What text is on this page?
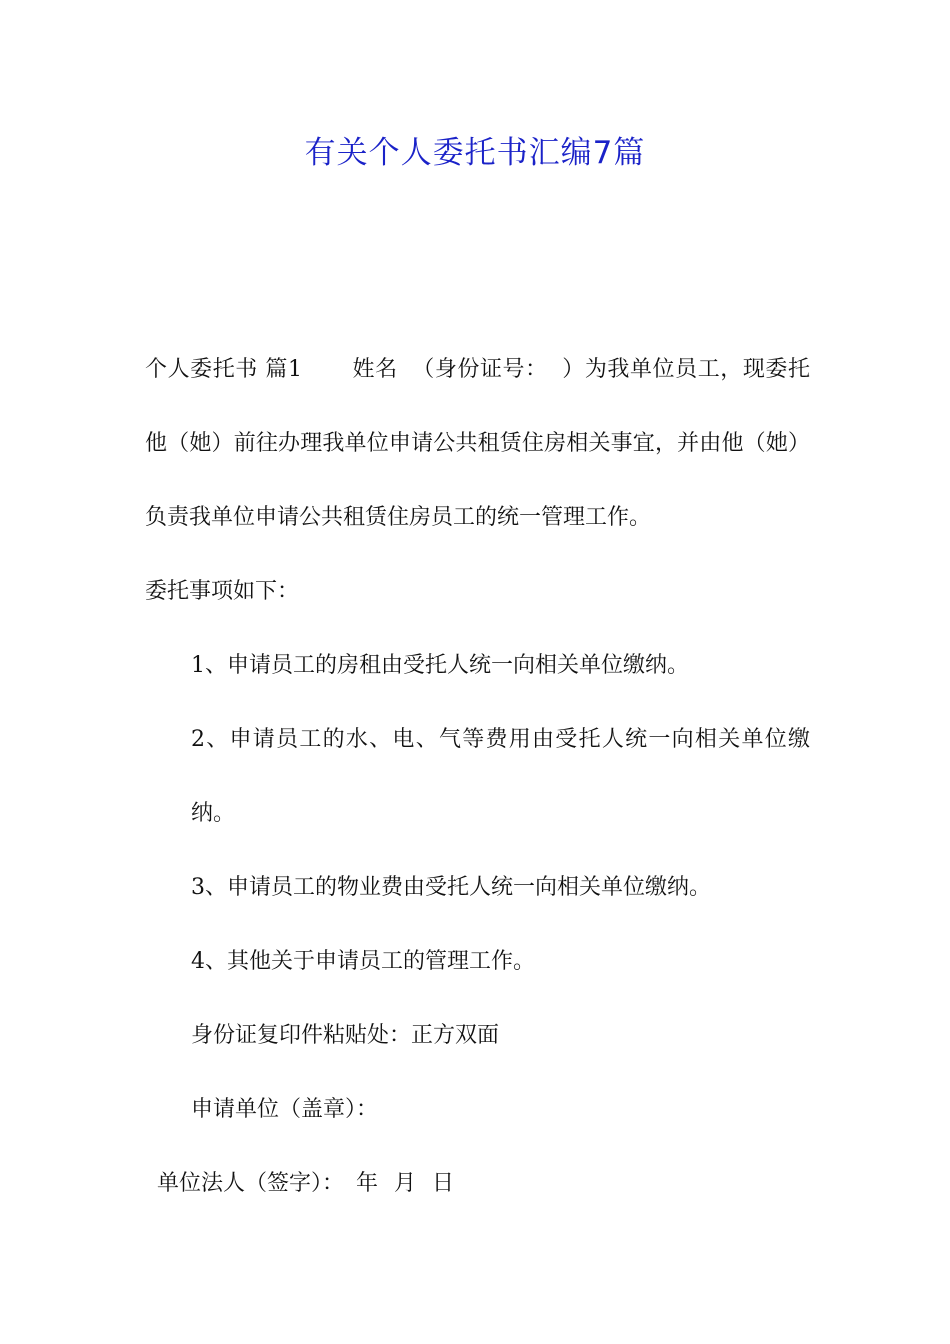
有关个人委托书汇编7篇

个人委托书 篇1 姓名 （身份证号： ）为我单位员工，现委托他（她）前往办理我单位申请公共租赁住房相关事宜，并由他（她）负责我单位申请公共租赁住房员工的统一管理工作。

委托事项如下：

1、申请员工的房租由受托人统一向相关单位缴纳。

2、申请员工的水、电、气等费用由受托人统一向相关单位缴纳。

3、申请员工的物业费由受托人统一向相关单位缴纳。

4、其他关于申请员工的管理工作。

身份证复印件粘贴处：正方双面

申请单位（盖章）：

单位法人（签字）： 年 月 日
